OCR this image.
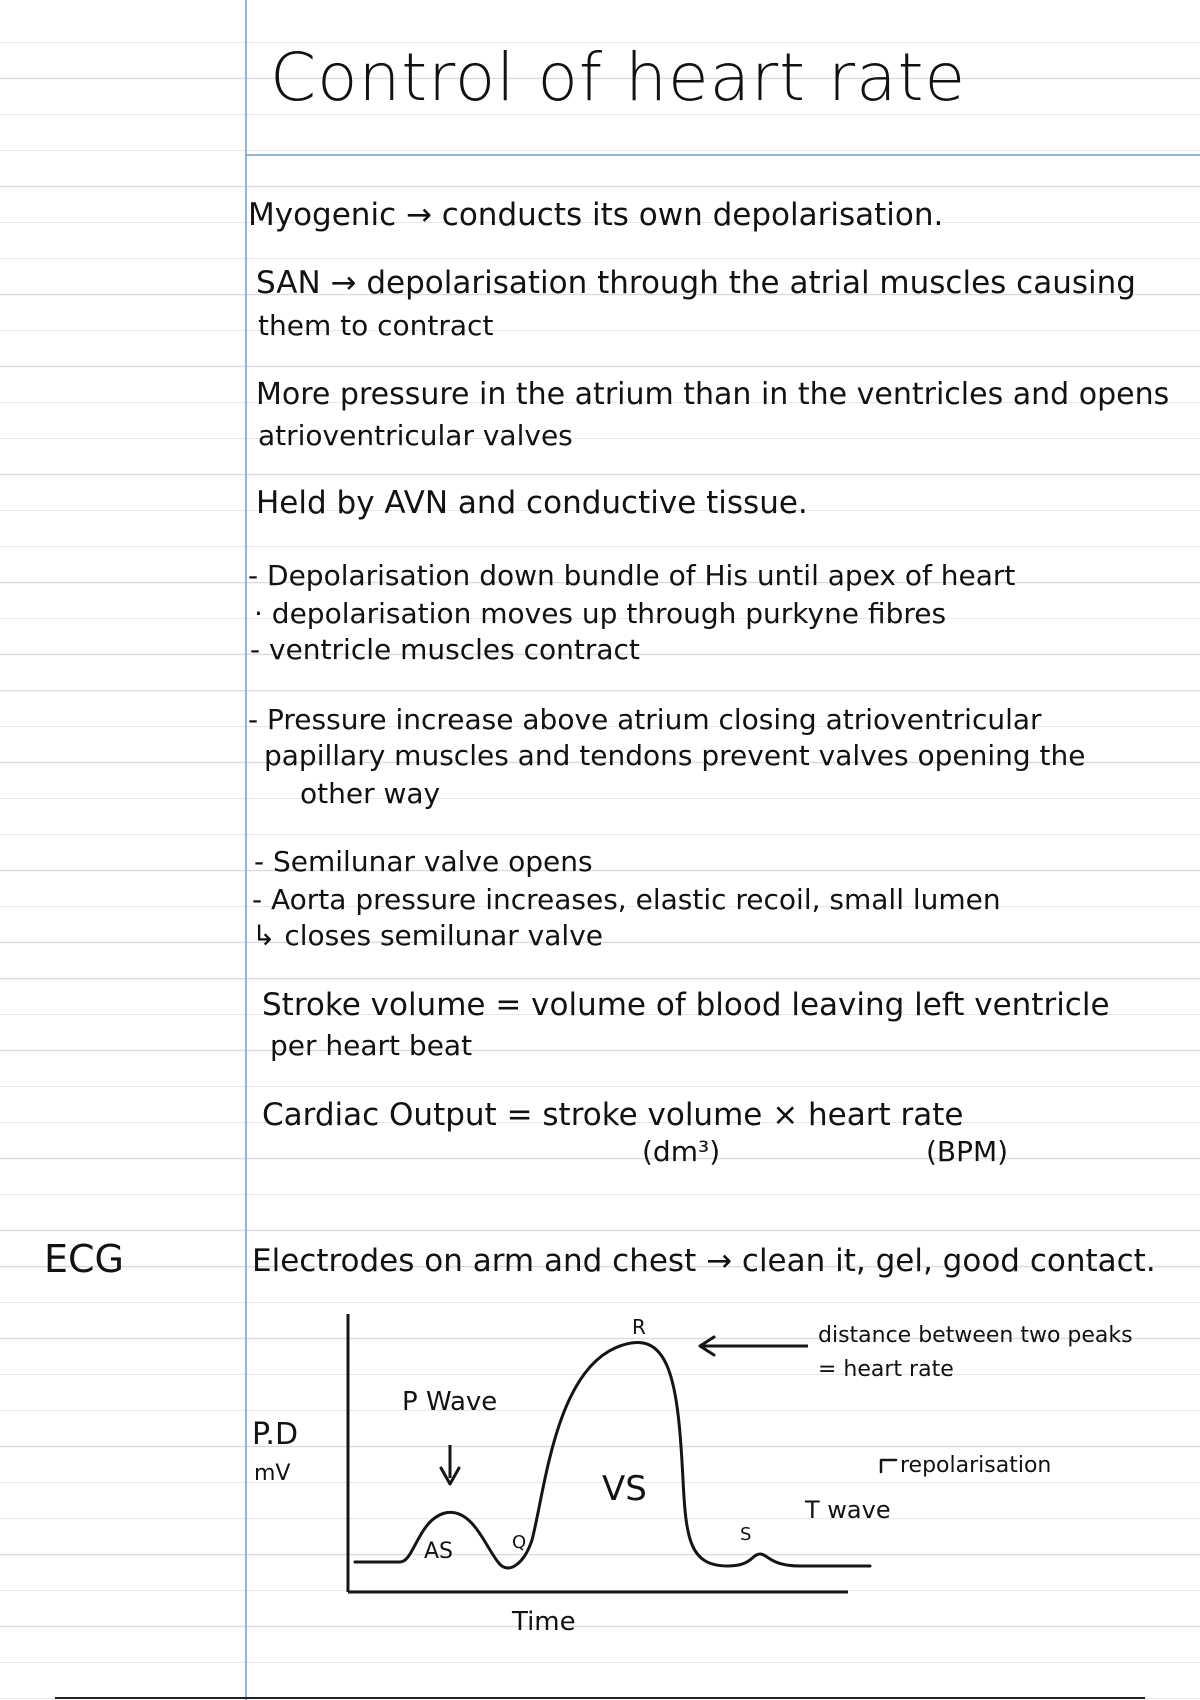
Control of heart rate
Myogenic → conducts its own depolarisation.
SAN → depolarisation through the atrial muscles causing
them to contract
More pressure in the atrium than in the ventricles and opens
atrioventricular valves
Held by AVN and conductive tissue.
- Depolarisation down bundle of His until apex of heart
· depolarisation moves up through purkyne fibres
- ventricle muscles contract
- Pressure increase above atrium closing atrioventricular
papillary muscles and tendons prevent valves opening the
other way
- Semilunar valve opens
- Aorta pressure increases, elastic recoil, small lumen
↳ closes semilunar valve
Stroke volume = volume of blood leaving left ventricle
per heart beat
Cardiac Output = stroke volume × heart rate
(dm³)	(BPM)
ECG	Electrodes on arm and chest → clean it, gel, good contact.
P Wave
AS	Q
R
VS
S
T wave
repolarisation
distance between two peaks
= heart rate
P.D
mV
Time
